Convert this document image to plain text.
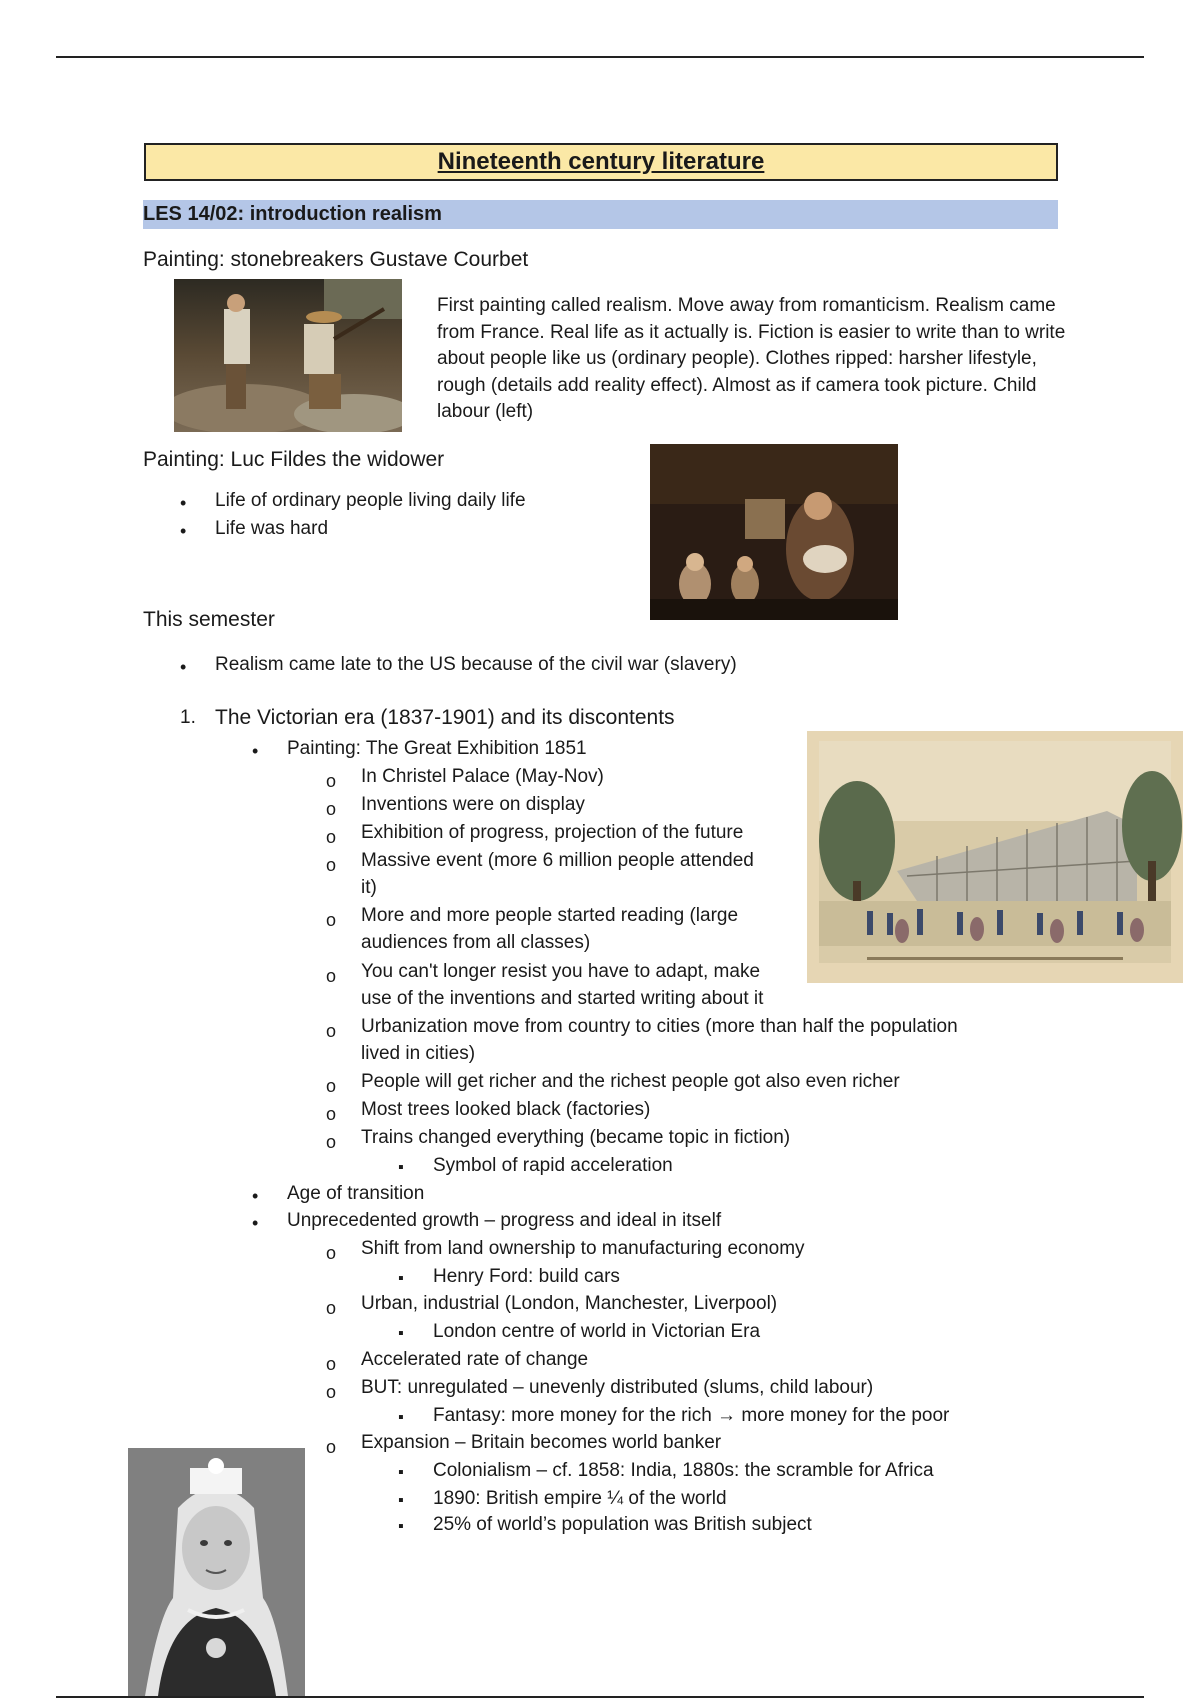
Nineteenth century literature
LES 14/02: introduction realism
Painting: stonebreakers Gustave Courbet
First painting called realism. Move away from romanticism. Realism came from France. Real life as it actually is. Fiction is easier to write than to write about people like us (ordinary people). Clothes ripped: harsher lifestyle, rough (details add reality effect). Almost as if camera took picture. Child labour (left)
Painting: Luc Fildes the widower
• Life of ordinary people living daily life
• Life was hard
This semester
• Realism came late to the US because of the civil war (slavery)
1. The Victorian era (1837-1901) and its discontents
• Painting: The Great Exhibition 1851
o In Christel Palace (May-Nov)
o Inventions were on display
o Exhibition of progress, projection of the future
o Massive event (more 6 million people attended
it)
o More and more people started reading (large
audiences from all classes)
o You can't longer resist you have to adapt, make
use of the inventions and started writing about it
o Urbanization move from country to cities (more than half the population
lived in cities)
o People will get richer and the richest people got also even richer
o Most trees looked black (factories)
o Trains changed everything (became topic in fiction)
▪ Symbol of rapid acceleration
• Age of transition
• Unprecedented growth – progress and ideal in itself
o Shift from land ownership to manufacturing economy
▪ Henry Ford: build cars
o Urban, industrial (London, Manchester, Liverpool)
▪ London centre of world in Victorian Era
o Accelerated rate of change
o BUT: unregulated – unevenly distributed (slums, child labour)
▪ Fantasy: more money for the rich → more money for the poor
o Expansion – Britain becomes world banker
▪ Colonialism – cf. 1858: India, 1880s: the scramble for Africa
▪ 1890: British empire ¼ of the world
▪ 25% of world’s population was British subject
